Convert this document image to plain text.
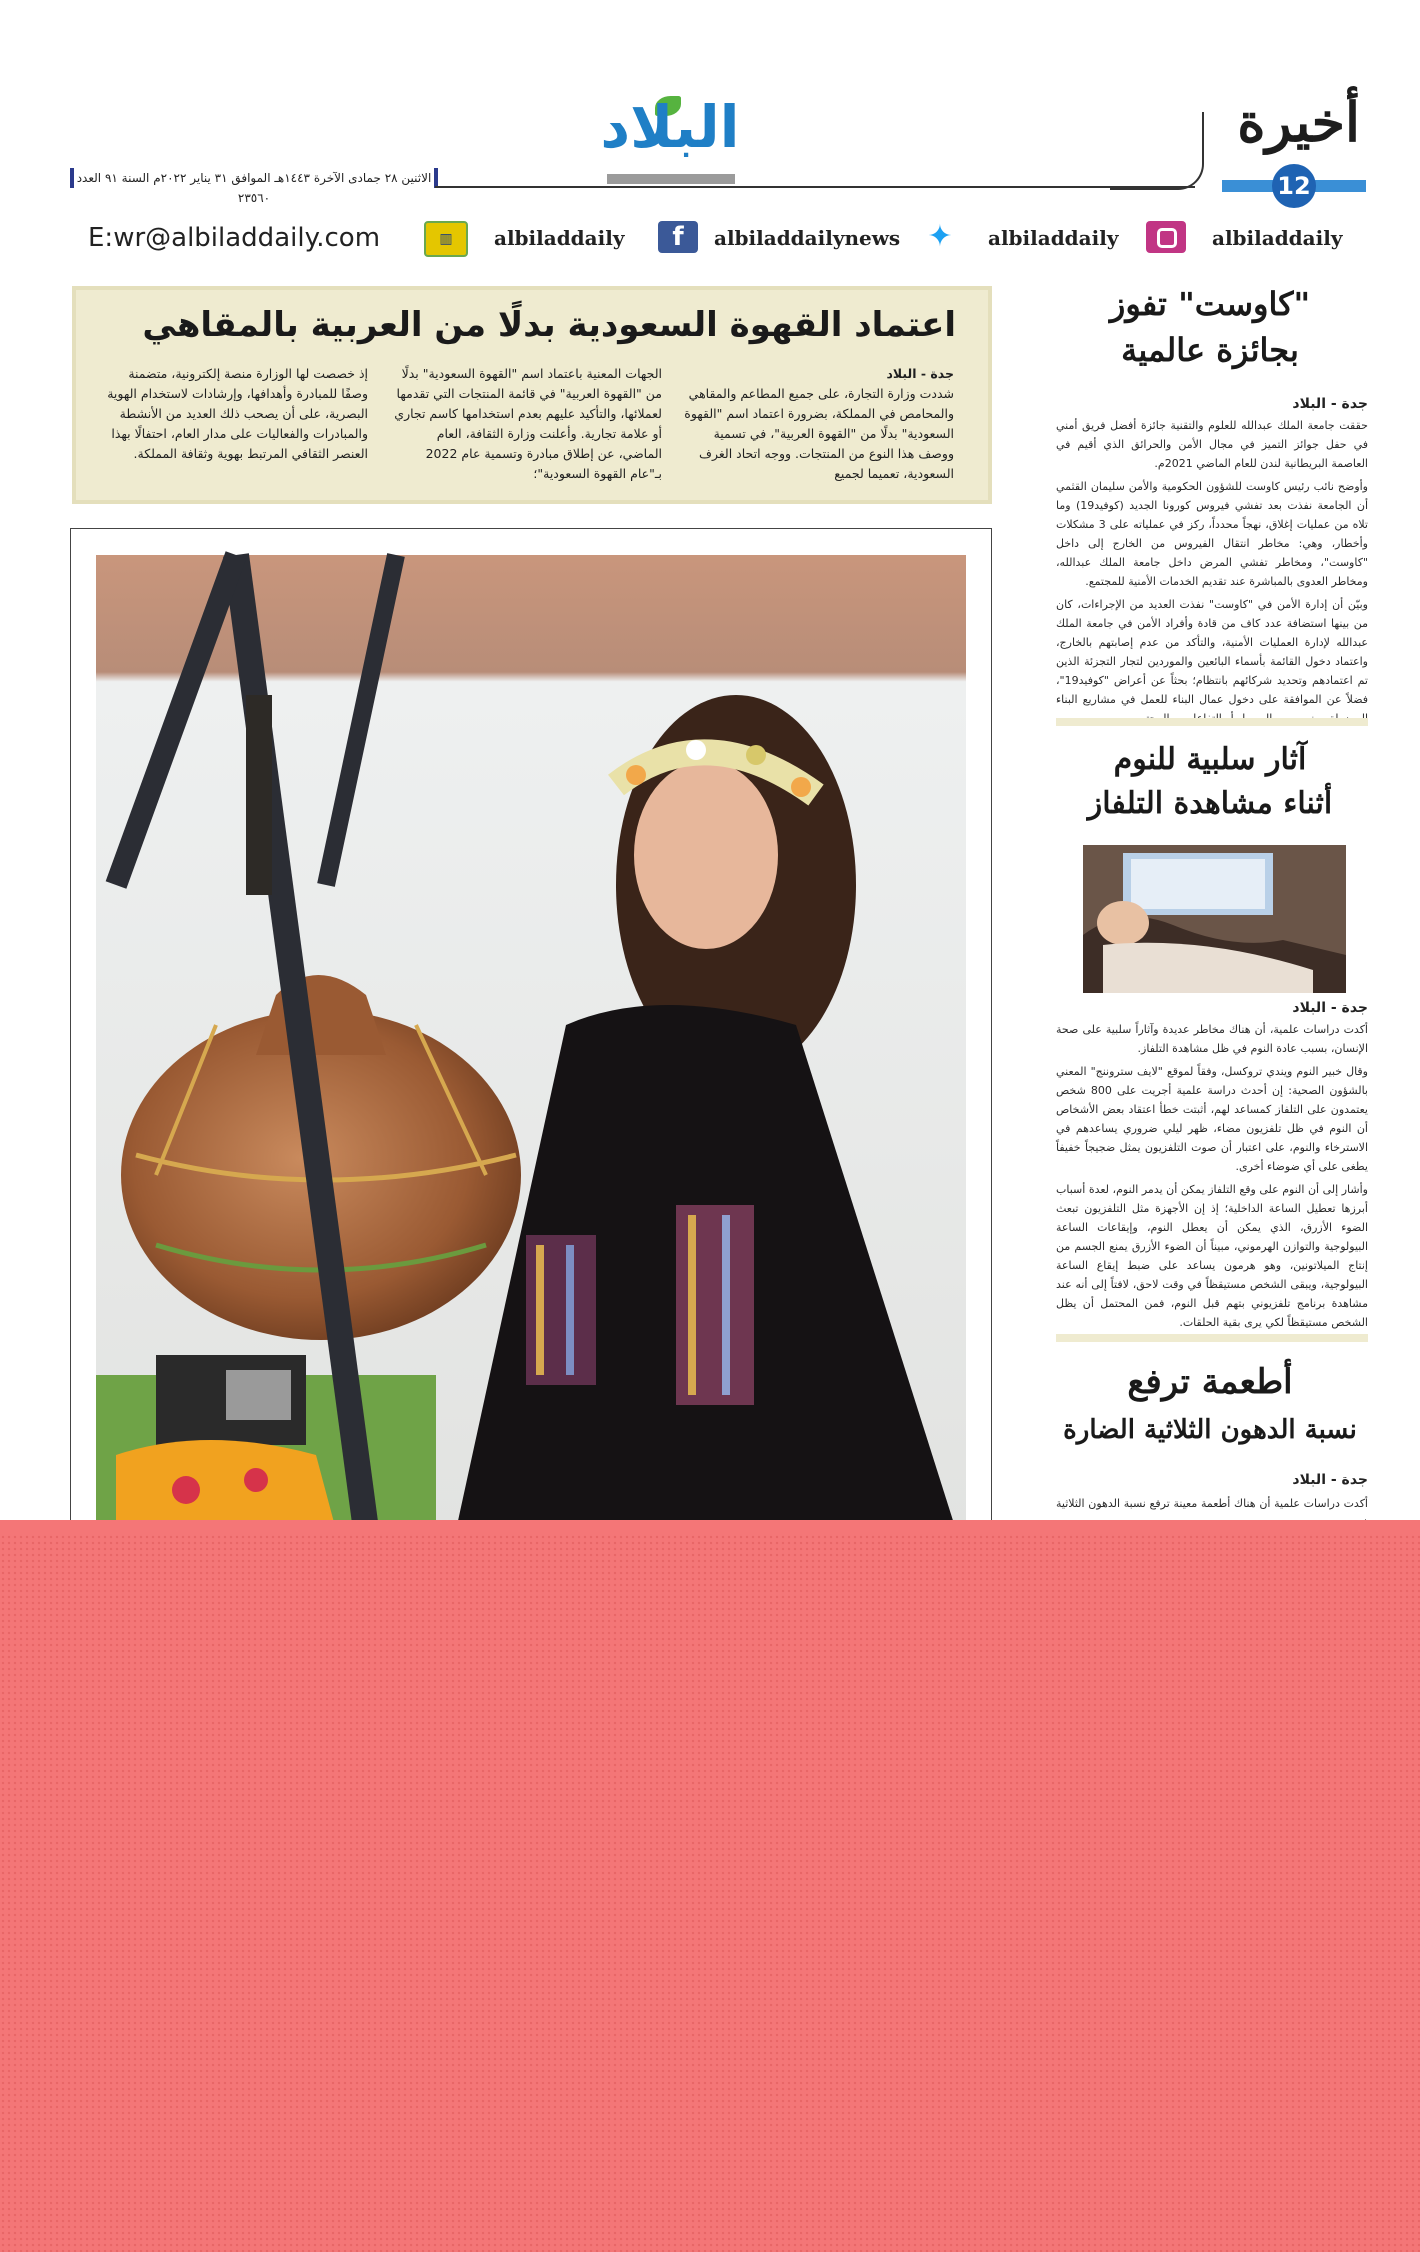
البلاد
الاثنين ٢٨ جمادى الآخرة ١٤٤٣هـ الموافق ٣١ يناير ٢٠٢٢م السنة ٩١ العدد ٢٣٥٦٠
أخيرة
12
E:wr@albiladdaily.com	▥	albiladdaily	f	albiladdailynews ✦	albiladdaily	albiladdaily
اعتماد القهوة السعودية بدلًا من العربية بالمقاهي

جدة - البلاد

شددت وزارة التجارة، على جميع المطاعم والمقاهي والمحامص في المملكة، بضرورة اعتماد اسم "القهوة السعودية" بدلًا من "القهوة العربية"، في تسمية ووصف هذا النوع من المنتجات. ووجه اتحاد الغرف السعودية، تعميما لجميع

الجهات المعنية باعتماد اسم "القهوة السعودية" بدلًا من "القهوة العربية" في قائمة المنتجات التي تقدمها لعملائها، والتأكيد عليهم بعدم استخدامها كاسم تجاري أو علامة تجارية. وأعلنت وزارة الثقافة، العام الماضي، عن إطلاق مبادرة وتسمية عام 2022 بـ"عام القهوة السعودية"؛

إذ خصصت لها الوزارة منصة إلكترونية، متضمنة وصفًا للمبادرة وأهدافها، وإرشادات لاستخدام الهوية البصرية، على أن يصحب ذلك العديد من الأنشطة والمبادرات والفعاليات على مدار العام، احتفالًا بهذا العنصر الثقافي المرتبط بهوية وثقافة المملكة.

"كاوست" تفوز
بجائزة عالمية
جدة - البلاد

حققت جامعة الملك عبدالله للعلوم والتقنية جائزة أفضل فريق أمني في حفل جوائز التميز في مجال الأمن والحرائق الذي أقيم في العاصمة البريطانية لندن للعام الماضي 2021م.

وأوضح نائب رئيس كاوست للشؤون الحكومية والأمن سليمان القثمي أن الجامعة نفذت بعد تفشي فيروس كورونا الجديد (كوفيد19) وما تلاه من عمليات إغلاق، نهجاً محدداً، ركز في عملياته على 3 مشكلات وأخطار، وهي: مخاطر انتقال الفيروس من الخارج إلى داخل "كاوست"، ومخاطر تفشي المرض داخل جامعة الملك عبدالله، ومخاطر العدوى بالمباشرة عند تقديم الخدمات الأمنية للمجتمع.

وبيّن أن إدارة الأمن في "كاوست" نفذت العديد من الإجراءات، كان من بينها استضافة عدد كاف من قادة وأفراد الأمن في جامعة الملك عبدالله لإدارة العمليات الأمنية، والتأكد من عدم إصابتهم بالخارج، واعتماد دخول القائمة بأسماء البائعين والموردين لتجار التجزئة الذين تم اعتمادهم وتحديد شركائهم بانتظام؛ بحثاً عن أعراض "كوفيد19"، فضلاً عن الموافقة على دخول عمال البناء للعمل في مشاريع البناء

آثار سلبية للنوم
أثناء مشاهدة التلفاز
جدة - البلاد

أكدت دراسات علمية، أن هناك مخاطر عديدة وآثاراً سلبية على صحة الإنسان، بسبب عادة النوم في ظل مشاهدة التلفاز.

وقال خبير النوم ويندي تروكسل، وفقاً لموقع "لايف ستروننج" المعني بالشؤون الصحية: إن أحدث دراسة علمية أجريت على 800 شخص يعتمدون على التلفاز كمساعد لهم، أثبتت خطأ اعتقاد بعض الأشخاص أن النوم في ظل تلفزيون مضاء، ظهر ليلي ضروري يساعدهم في الاسترخاء والنوم، على اعتبار أن صوت التلفزيون يمثل ضجيجاً خفيفاً يطغى على أي ضوضاء أخرى.

وأشار إلى أن النوم على وقع التلفاز يمكن أن يدمر النوم، لعدة أسباب أبرزها تعطيل الساعة الداخلية؛ إذ إن الأجهزة مثل التلفزيون تبعث الضوء الأزرق، الذي يمكن أن يعطل النوم، وإيقاعات الساعة البيولوجية والتوازن الهرموني، مبيناً أن الضوء الأزرق يمنع الجسم من إنتاج الميلاتونين، وهو هرمون يساعد على ضبط إيقاع الساعة البيولوجية، ويبقى الشخص مستيقظاً في وقت لاحق، لافتاً إلى أنه عند مشاهدة برنامج تلفزيوني بتهم قبل النوم، فمن المحتمل أن يظل الشخص مستيقظاً لكي يرى بقية الحلقات.

أطعمة ترفع
نسبة الدهون الثلاثية الضارة
جدة - البلاد

أكدت دراسات علمية أن هناك أطعمة معينة ترفع نسبة الدهون الثلاثية
